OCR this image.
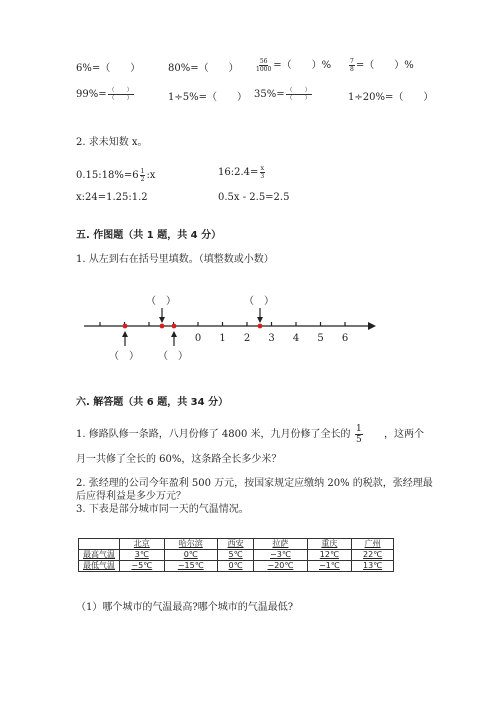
6%=（　　）	80%=（　　）	$\frac{56}{1000}$ =（　　）%	$\frac{7}{8}$ =（　　）%
$99\%= \frac{( )}{( )}$	1÷5%=（　　） $35\%= \frac{( )}{( )}$	1÷20%=（　　）
2. 求未知数 x。
0.15:18%=6 $\frac{1}{2}$ :x	16:2.4= $\frac{x}{3}$
x:24=1.25:1.2	0.5x - 2.5=2.5
五. 作图题（共 1 题，共 4 分）
1. 从左到右在括号里填数。（填整数或小数）
0 1 2 3 4 5 6
（　）	（　）
（　） （　）
六. 解答题（共 6 题，共 34 分）
1. 修路队修一条路，八月份修了 4800 米，九月份修了全长的 $\frac{1}{5}$ ，这两个
月一共修了全长的 60%，这条路全长多少米？
2. 张经理的公司今年盈利 500 万元，按国家规定应缴纳 20% 的税款，张经理最
后应得利益是多少万元？
3. 下表是部分城市同一天的气温情况。
	北京	哈尔滨	西安	拉萨	重庆	广州
最高气温	3℃	0℃	5℃	−3℃	12℃	22℃
最低气温	−5℃	−15℃	0℃	−20℃	−1℃	13℃
（1）哪个城市的气温最高?哪个城市的气温最低?
